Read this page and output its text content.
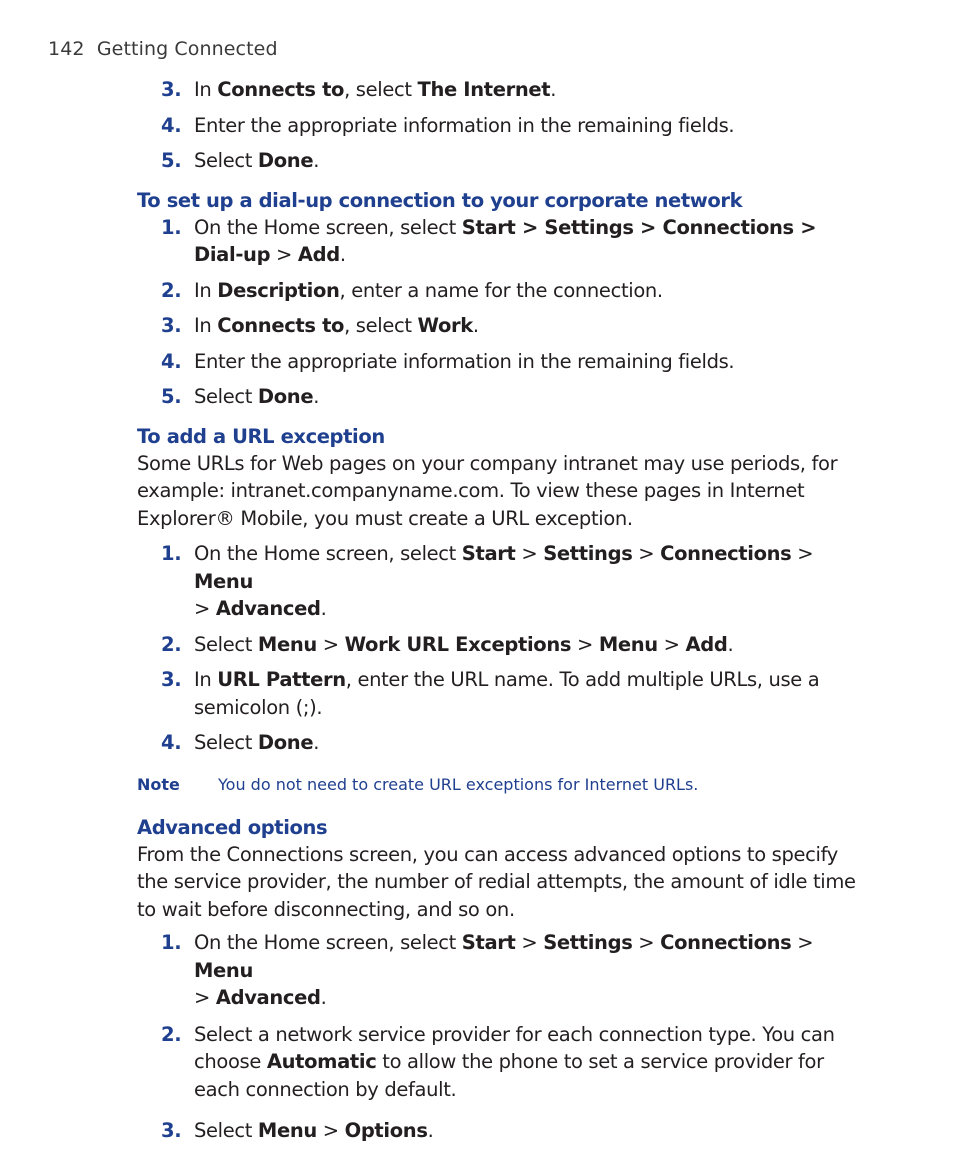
142 Getting Connected
3. In Connects to, select The Internet.
4. Enter the appropriate information in the remaining fields.
5. Select Done.
To set up a dial-up connection to your corporate network
1. On the Home screen, select Start > Settings > Connections >
Dial-up > Add.
2. In Description, enter a name for the connection.
3. In Connects to, select Work.
4. Enter the appropriate information in the remaining fields.
5. Select Done.
To add a URL exception

Some URLs for Web pages on your company intranet may use periods, for
example: intranet.companyname.com. To view these pages in Internet
Explorer® Mobile, you must create a URL exception.

1. On the Home screen, select Start > Settings > Connections > Menu
> Advanced.
2. Select Menu > Work URL Exceptions > Menu > Add.
3. In URL Pattern, enter the URL name. To add multiple URLs, use a
semicolon (;).
4. Select Done.
Note You do not need to create URL exceptions for Internet URLs.
Advanced options

From the Connections screen, you can access advanced options to specify
the service provider, the number of redial attempts, the amount of idle time
to wait before disconnecting, and so on.

1. On the Home screen, select Start > Settings > Connections > Menu
> Advanced.
2. Select a network service provider for each connection type. You can
choose Automatic to allow the phone to set a service provider for
each connection by default.
3. Select Menu > Options.
